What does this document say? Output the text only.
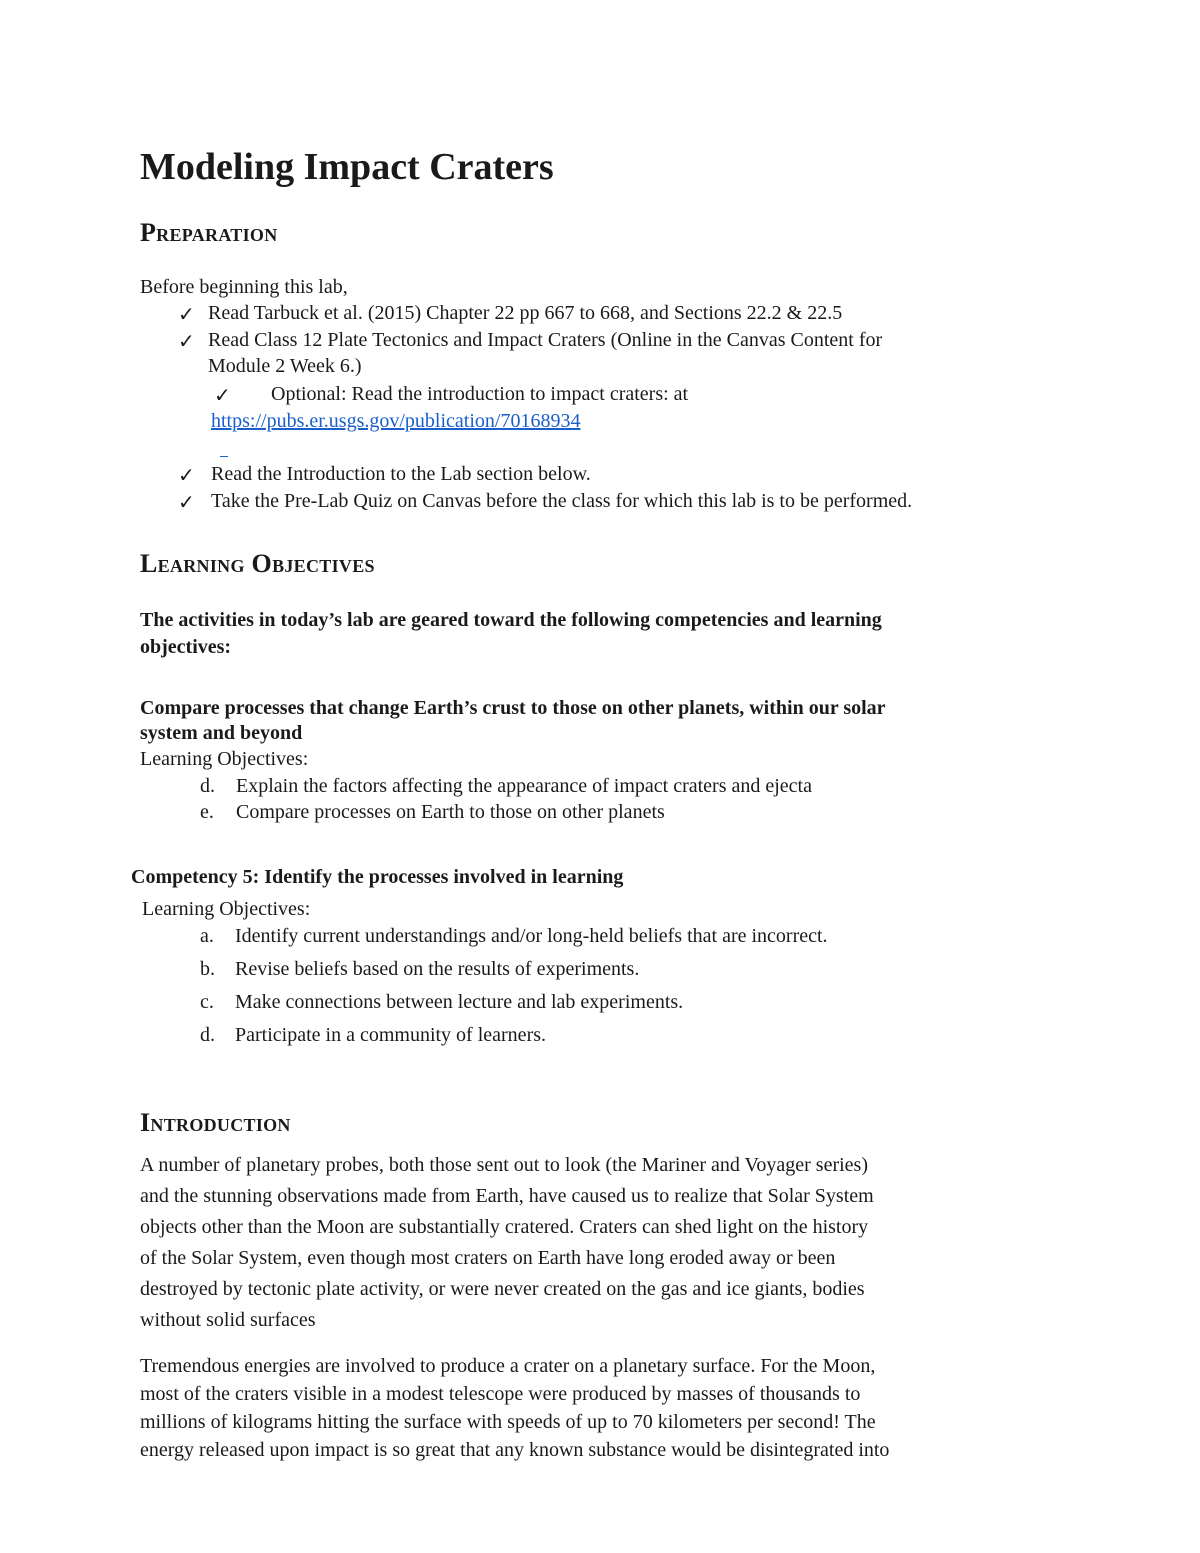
Modeling Impact Craters
Preparation
Before beginning this lab,
✓ Read Tarbuck et al. (2015) Chapter 22 pp 667 to 668, and Sections 22.2 & 22.5
✓ Read Class 12 Plate Tectonics and Impact Craters (Online in the Canvas Content for
Module 2 Week 6.)
✓ Optional: Read the introduction to impact craters: at
https://pubs.er.usgs.gov/publication/70168934
✓ Read the Introduction to the Lab section below.
✓ Take the Pre-Lab Quiz on Canvas before the class for which this lab is to be performed.
Learning Objectives
The activities in today’s lab are geared toward the following competencies and learning
objectives:
Compare processes that change Earth’s crust to those on other planets, within our solar
system and beyond
Learning Objectives:
d. Explain the factors affecting the appearance of impact craters and ejecta
e. Compare processes on Earth to those on other planets
Competency 5: Identify the processes involved in learning
Learning Objectives:
a. Identify current understandings and/or long-held beliefs that are incorrect.
b. Revise beliefs based on the results of experiments.
c. Make connections between lecture and lab experiments.
d. Participate in a community of learners.
Introduction
A number of planetary probes, both those sent out to look (the Mariner and Voyager series)
and the stunning observations made from Earth, have caused us to realize that Solar System
objects other than the Moon are substantially cratered. Craters can shed light on the history
of the Solar System, even though most craters on Earth have long eroded away or been
destroyed by tectonic plate activity, or were never created on the gas and ice giants, bodies
without solid surfaces
Tremendous energies are involved to produce a crater on a planetary surface. For the Moon,
most of the craters visible in a modest telescope were produced by masses of thousands to
millions of kilograms hitting the surface with speeds of up to 70 kilometers per second! The
energy released upon impact is so great that any known substance would be disintegrated into
